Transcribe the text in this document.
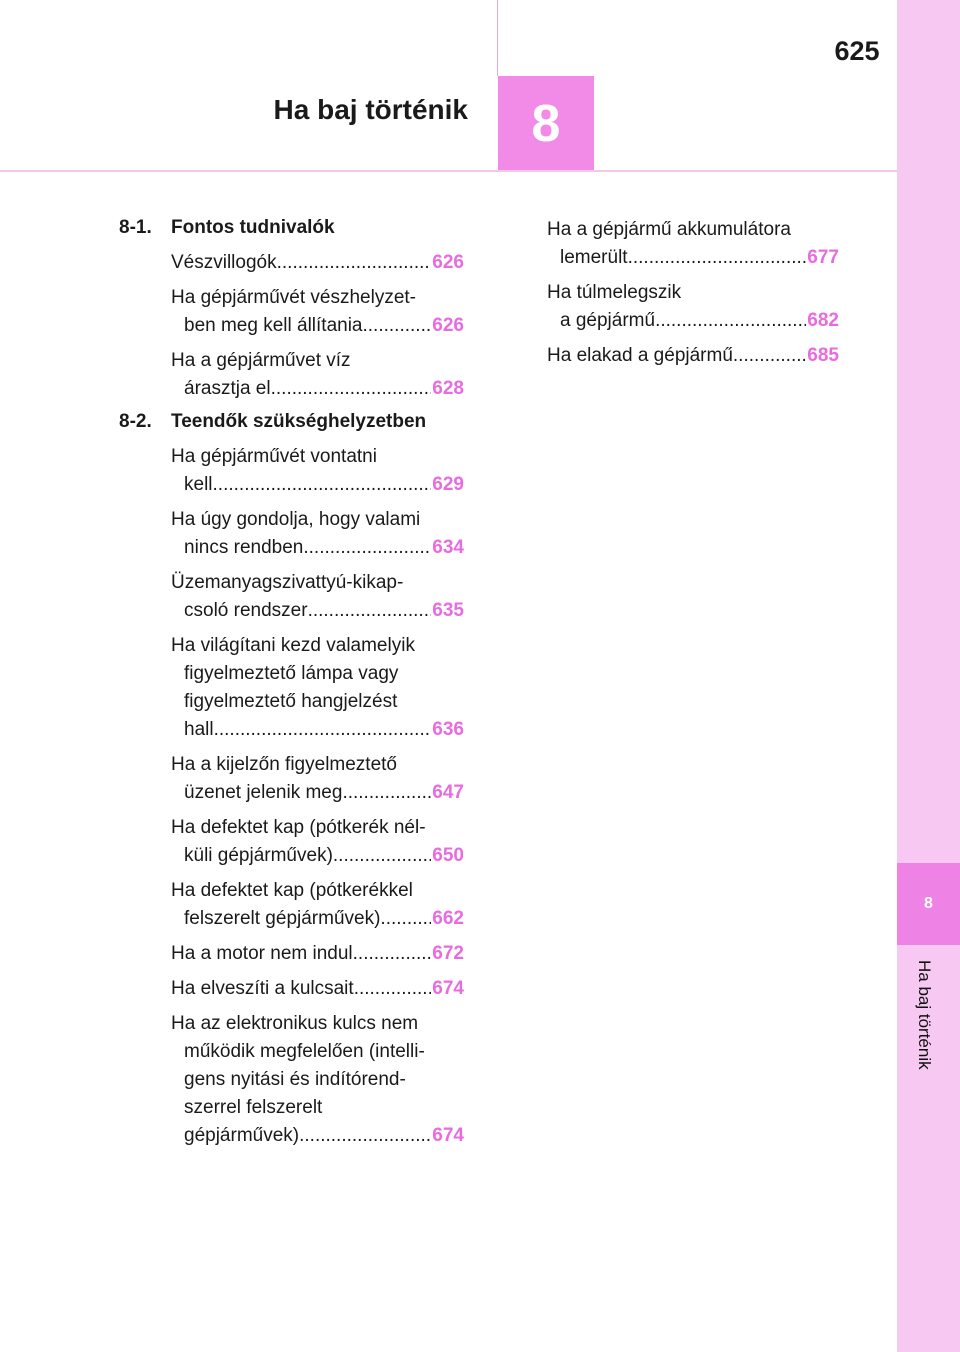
625
8
Ha baj történik
8
Ha baj történik
8-1. Fontos tudnivalók
Vészvillogók .....	626
Ha gépjárművét vészhelyzet-
ben meg kell állítania .....	626
Ha a gépjárművet víz
árasztja el .....	628
8-2. Teendők szükséghelyzetben
Ha gépjárművét vontatni
kell .....	629
Ha úgy gondolja, hogy valami
nincs rendben .....	634
Üzemanyagszivattyú-kikap-
csoló rendszer .....	635
Ha világítani kezd valamelyik
figyelmeztető lámpa vagy
figyelmeztető hangjelzést
hall .....	636
Ha a kijelzőn figyelmeztető
üzenet jelenik meg .....	647
Ha defektet kap (pótkerék nél-
küli gépjárművek) .....	650
Ha defektet kap (pótkerékkel
felszerelt gépjárművek) .....	662
Ha a motor nem indul .....	672
Ha elveszíti a kulcsait .....	674
Ha az elektronikus kulcs nem
működik megfelelően (intelli-
gens nyitási és indítórend-
szerrel felszerelt
gépjárművek) .....	674
Ha a gépjármű akkumulátora
lemerült .....	677
Ha túlmelegszik
a gépjármű .....	682
Ha elakad a gépjármű .....	685
